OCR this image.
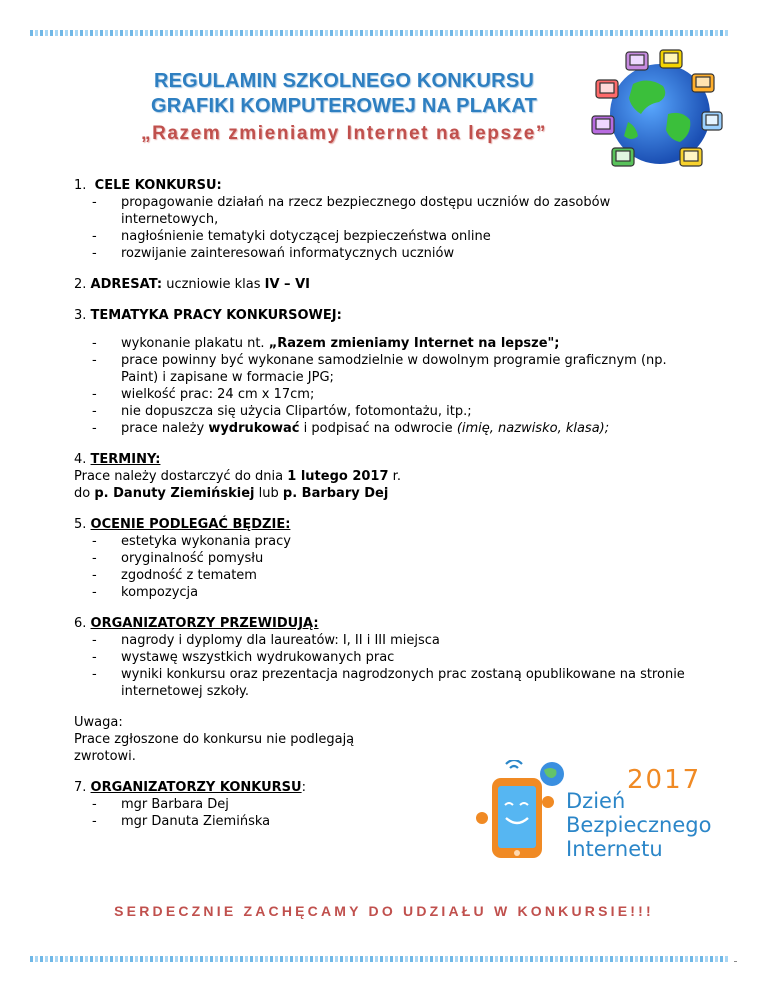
REGULAMIN SZKOLNEGO KONKURSU
GRAFIKI KOMPUTEROWEJ NA PLAKAT
„Razem zmieniamy Internet na lepsze”
1. CELE KONKURSU:
- propagowanie działań na rzecz bezpiecznego dostępu uczniów do zasobów internetowych,
- nagłośnienie tematyki dotyczącej bezpieczeństwa online
- rozwijanie zainteresowań informatycznych uczniów
2. ADRESAT: uczniowie klas IV – VI
3. TEMATYKA PRACY KONKURSOWEJ:
- wykonanie plakatu nt. „Razem zmieniamy Internet na lepsze";
- prace powinny być wykonane samodzielnie w dowolnym programie graficznym (np. Paint) i zapisane w formacie JPG;
- wielkość prac: 24 cm x 17cm;
- nie dopuszcza się użycia Clipartów, fotomontażu, itp.;
- prace należy wydrukować i podpisać na odwrocie (imię, nazwisko, klasa);
4. TERMINY:
Prace należy dostarczyć do dnia 1 lutego 2017 r.
do p. Danuty Ziemińskiej lub p. Barbary Dej
5. OCENIE PODLEGAĆ BĘDZIE:
- estetyka wykonania pracy
- oryginalność pomysłu
- zgodność z tematem
- kompozycja
6. ORGANIZATORZY PRZEWIDUJĄ:
- nagrody i dyplomy dla laureatów: I, II i III miejsca
- wystawę wszystkich wydrukowanych prac
- wyniki konkursu oraz prezentacja nagrodzonych prac zostaną opublikowane na stronie internetowej szkoły.
Uwaga:
Prace zgłoszone do konkursu nie podlegają zwrotowi.
7. ORGANIZATORZY KONKURSU:
- mgr Barbara Dej
- mgr Danuta Ziemińska
2017
Dzień
Bezpiecznego
Internetu
SERDECZNIE ZACHĘCAMY DO UDZIAŁU W KONKURSIE!!!
